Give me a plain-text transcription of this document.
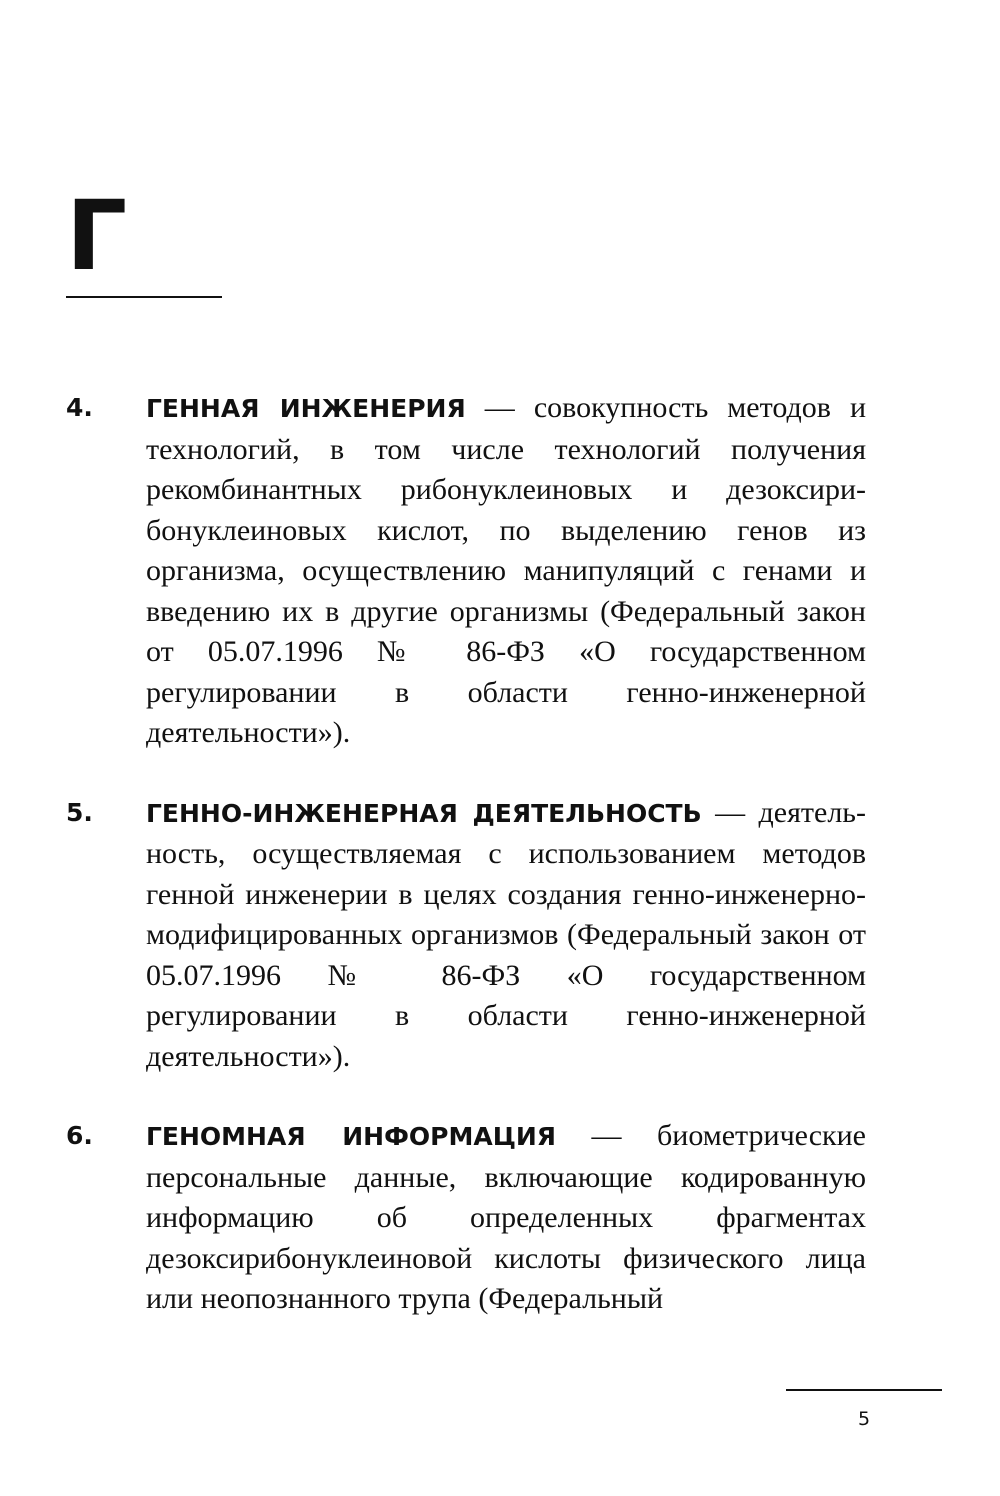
Г
4. ГЕННАЯ ИНЖЕНЕРИЯ — совокупность методов и технологий, в том числе технологий получения рекомбинантных рибонуклеиновых и дезоксирибонуклеиновых кислот, по выделению генов из организма, осуществлению манипуляций с генами и введению их в другие организмы (Федеральный закон от 05.07.1996 № 86-ФЗ «О государственном регулировании в области генно-инженерной деятельности»).

5. ГЕННО-ИНЖЕНЕРНАЯ ДЕЯТЕЛЬНОСТЬ — деятельность, осуществляемая с использованием методов генной инженерии в целях создания генно-инженерно-модифицированных организмов (Федеральный закон от 05.07.1996 № 86-ФЗ «О государственном регулировании в области генно-инженерной деятельности»).

6. ГЕНОМНАЯ ИНФОРМАЦИЯ — биометрические персональные данные, включающие кодированную информацию об определенных фрагментах дезоксирибонуклеиновой кислоты физического лица или неопознанного трупа (Федеральный

5
